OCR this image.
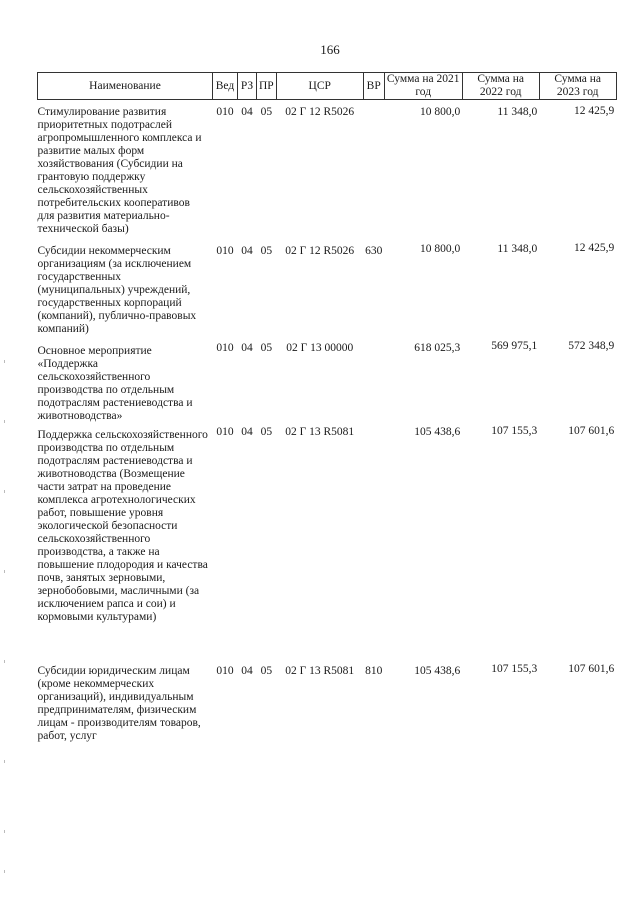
166
Наименование	Вед	РЗ	ПР	ЦСР	ВР	Сумма на 2021 год	Сумма на 2022 год	Сумма на 2023 год
Стимулирование развития приоритетных подотраслей агропромышленного комплекса и развитие малых форм хозяйствования (Субсидии на грантовую поддержку сельскохозяйственных потребительских кооперативов для развития материально-технической базы)	010	04	05	02 Г 12 R5026		10 800,0	11 348,0	12 425,9
Субсидии некоммерческим организациям (за исключением государственных (муниципальных) учреждений, государственных корпораций (компаний), публично-правовых компаний)	010	04	05	02 Г 12 R5026	630	10 800,0	11 348,0	12 425,9
Основное мероприятие «Поддержка сельскохозяйственного производства по отдельным подотраслям растениеводства и животноводства»	010	04	05	02 Г 13 00000		618 025,3	569 975,1	572 348,9
Поддержка сельскохозяйственного производства по отдельным подотраслям растениеводства и животноводства (Возмещение части затрат на проведение комплекса агротехнологических работ, повышение уровня экологической безопасности сельскохозяйственного производства, а также на повышение плодородия и качества почв, занятых зерновыми, зернобобовыми, масличными (за исключением рапса и сои) и кормовыми культурами)	010	04	05	02 Г 13 R5081		105 438,6	107 155,3	107 601,6
Субсидии юридическим лицам (кроме некоммерческих организаций), индивидуальным предпринимателям, физическим лицам - производителям товаров, работ, услуг	010	04	05	02 Г 13 R5081	810	105 438,6	107 155,3	107 601,6
